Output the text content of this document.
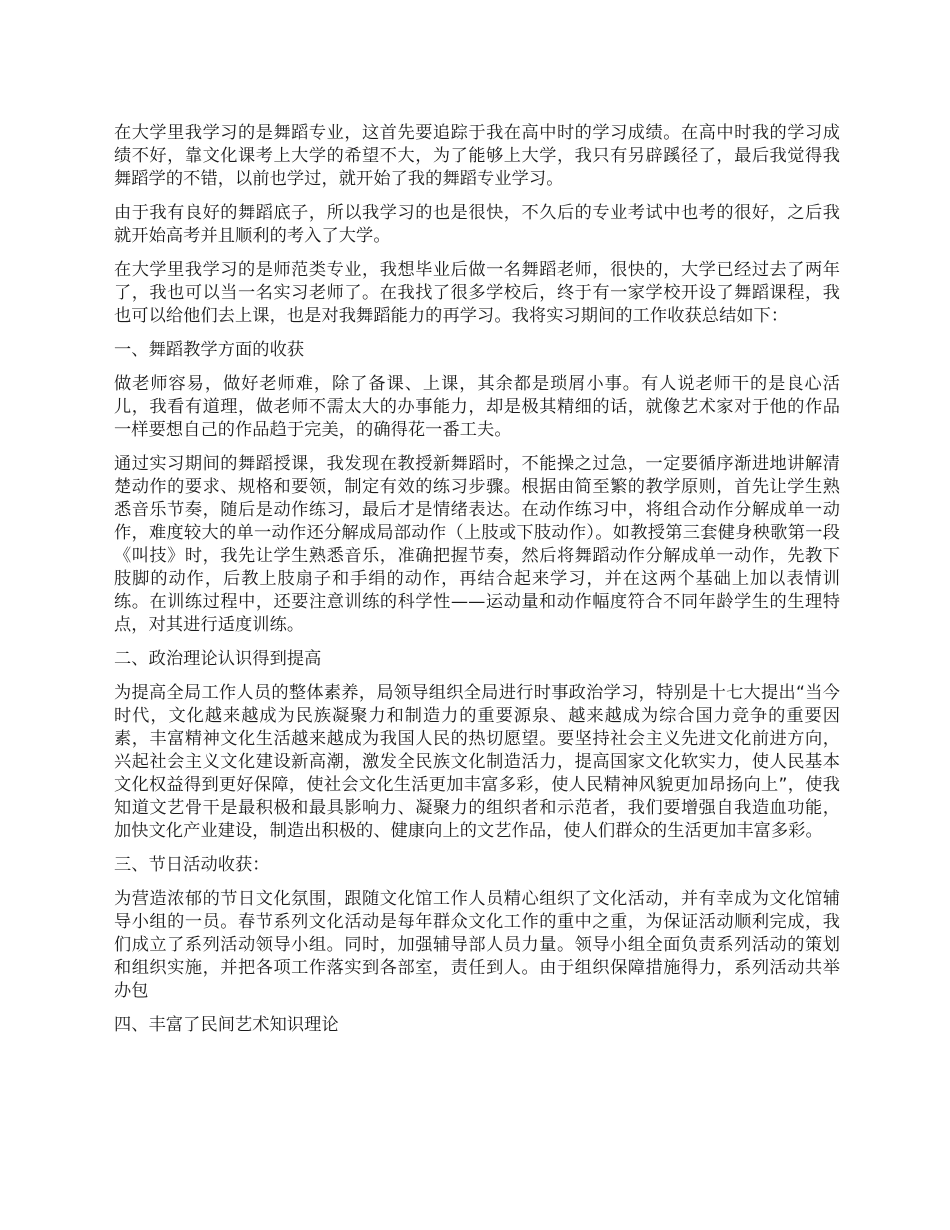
在大学里我学习的是舞蹈专业，这首先要追踪于我在高中时的学习成绩。在高中时我的学习成绩不好，靠文化课考上大学的希望不大，为了能够上大学，我只有另辟蹊径了，最后我觉得我舞蹈学的不错，以前也学过，就开始了我的舞蹈专业学习。

由于我有良好的舞蹈底子，所以我学习的也是很快，不久后的专业考试中也考的很好，之后我就开始高考并且顺利的考入了大学。

在大学里我学习的是师范类专业，我想毕业后做一名舞蹈老师，很快的，大学已经过去了两年了，我也可以当一名实习老师了。在我找了很多学校后，终于有一家学校开设了舞蹈课程，我也可以给他们去上课，也是对我舞蹈能力的再学习。我将实习期间的工作收获总结如下：

一、舞蹈教学方面的收获

做老师容易，做好老师难，除了备课、上课，其余都是琐屑小事。有人说老师干的是良心活儿，我看有道理，做老师不需太大的办事能力，却是极其精细的话，就像艺术家对于他的作品一样要想自己的作品趋于完美，的确得花一番工夫。

通过实习期间的舞蹈授课，我发现在教授新舞蹈时，不能操之过急，一定要循序渐进地讲解清楚动作的要求、规格和要领，制定有效的练习步骤。根据由简至繁的教学原则，首先让学生熟悉音乐节奏，随后是动作练习，最后才是情绪表达。在动作练习中，将组合动作分解成单一动作，难度较大的单一动作还分解成局部动作（上肢或下肢动作）。如教授第三套健身秧歌第一段《叫技》时，我先让学生熟悉音乐，准确把握节奏，然后将舞蹈动作分解成单一动作，先教下肢脚的动作，后教上肢扇子和手绢的动作，再结合起来学习，并在这两个基础上加以表情训练。在训练过程中，还要注意训练的科学性——运动量和动作幅度符合不同年龄学生的生理特点，对其进行适度训练。

二、政治理论认识得到提高

为提高全局工作人员的整体素养，局领导组织全局进行时事政治学习，特别是十七大提出“当今时代，文化越来越成为民族凝聚力和制造力的重要源泉、越来越成为综合国力竞争的重要因素，丰富精神文化生活越来越成为我国人民的热切愿望。要坚持社会主义先进文化前进方向，兴起社会主义文化建设新高潮，激发全民族文化制造活力，提高国家文化软实力，使人民基本文化权益得到更好保障，使社会文化生活更加丰富多彩，使人民精神风貌更加昂扬向上”，使我知道文艺骨干是最积极和最具影响力、凝聚力的组织者和示范者，我们要增强自我造血功能，加快文化产业建设，制造出积极的、健康向上的文艺作品，使人们群众的生活更加丰富多彩。

三、节日活动收获：

为营造浓郁的节日文化氛围，跟随文化馆工作人员精心组织了文化活动，并有幸成为文化馆辅导小组的一员。春节系列文化活动是每年群众文化工作的重中之重，为保证活动顺利完成，我们成立了系列活动领导小组。同时，加强辅导部人员力量。领导小组全面负责系列活动的策划和组织实施，并把各项工作落实到各部室，责任到人。由于组织保障措施得力，系列活动共举办包

四、丰富了民间艺术知识理论
